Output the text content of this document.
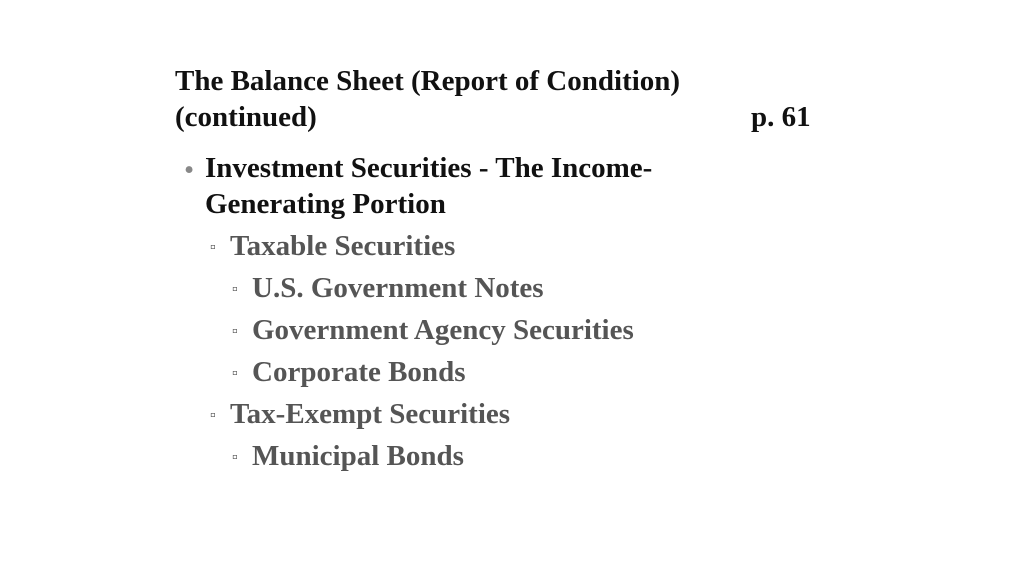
The Balance Sheet (Report of Condition)
(continued)	p. 61
• Investment Securities - The Income-
Generating Portion
▫ Taxable Securities
▫ U.S. Government Notes
▫ Government Agency Securities
▫ Corporate Bonds
▫ Tax-Exempt Securities
▫ Municipal Bonds
